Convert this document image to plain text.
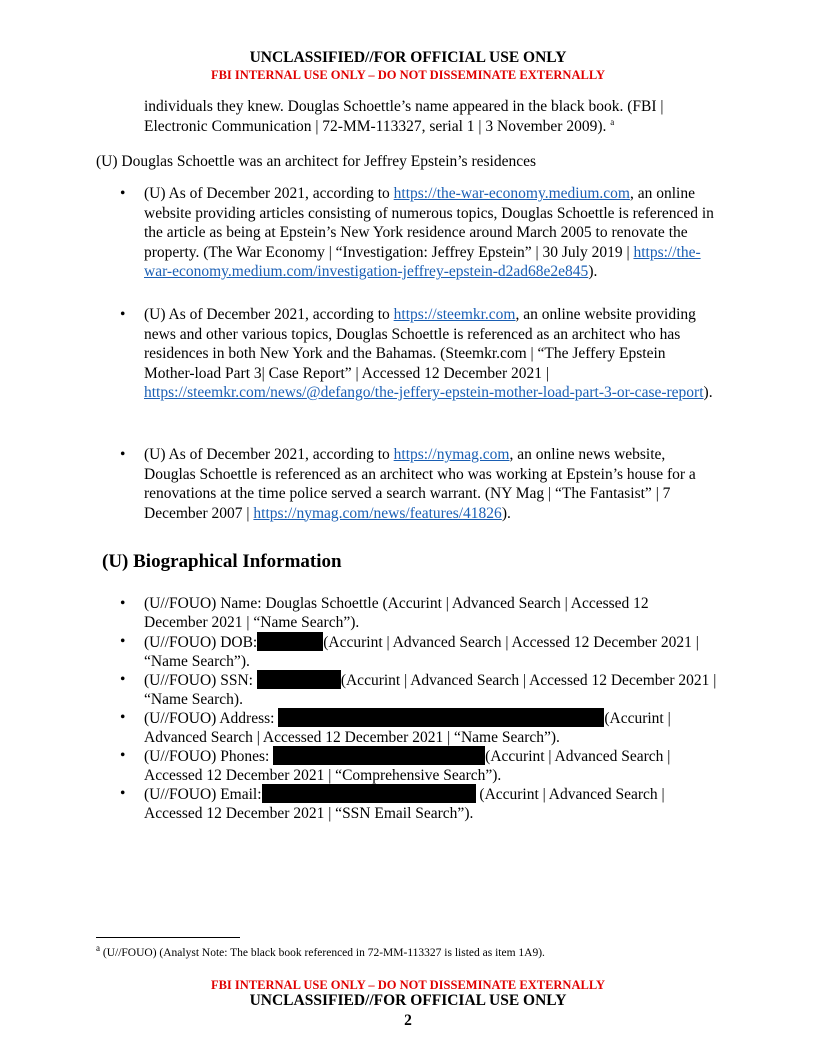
UNCLASSIFIED//FOR OFFICIAL USE ONLY
FBI INTERNAL USE ONLY – DO NOT DISSEMINATE EXTERNALLY
individuals they knew. Douglas Schoettle’s name appeared in the black book. (FBI |
Electronic Communication | 72-MM-113327, serial 1 | 3 November 2009). $^a$
(U) Douglas Schoettle was an architect for Jeffrey Epstein’s residences
• (U) As of December 2021, according to https://the-war-economy.medium.com, an online website providing articles consisting of numerous topics, Douglas Schoettle is referenced in the article as being at Epstein’s New York residence around March 2005 to renovate the property. (The War Economy | “Investigation: Jeffrey Epstein” | 30 July 2019 | https://the-war-economy.medium.com/investigation-jeffrey-epstein-d2ad68e2e845).
• (U) As of December 2021, according to https://steemkr.com, an online website providing news and other various topics, Douglas Schoettle is referenced as an architect who has residences in both New York and the Bahamas. (Steemkr.com | “The Jeffery Epstein Mother-load Part 3| Case Report” | Accessed 12 December 2021 | https://steemkr.com/news/@defango/the-jeffery-epstein-mother-load-part-3-or-case-report).
• (U) As of December 2021, according to https://nymag.com, an online news website, Douglas Schoettle is referenced as an architect who was working at Epstein’s house for a renovations at the time police served a search warrant. (NY Mag | “The Fantasist” | 7 December 2007 | https://nymag.com/news/features/41826).
(U) Biographical Information
• (U//FOUO) Name: Douglas Schoettle (Accurint | Advanced Search | Accessed 12 December 2021 | “Name Search”).
• (U//FOUO) DOB:	(Accurint | Advanced Search | Accessed 12 December 2021 | “Name Search”).
• (U//FOUO) SSN:	(Accurint | Advanced Search | Accessed 12 December 2021 | “Name Search).
• (U//FOUO) Address:	(Accurint | Advanced Search | Accessed 12 December 2021 | “Name Search”).
• (U//FOUO) Phones:	(Accurint | Advanced Search | Accessed 12 December 2021 | “Comprehensive Search”).
• (U//FOUO) Email:	(Accurint | Advanced Search | Accessed 12 December 2021 | “SSN Email Search”).
$^a$ (U//FOUO) (Analyst Note: The black book referenced in 72-MM-113327 is listed as item 1A9).
FBI INTERNAL USE ONLY – DO NOT DISSEMINATE EXTERNALLY
UNCLASSIFIED//FOR OFFICIAL USE ONLY
2
